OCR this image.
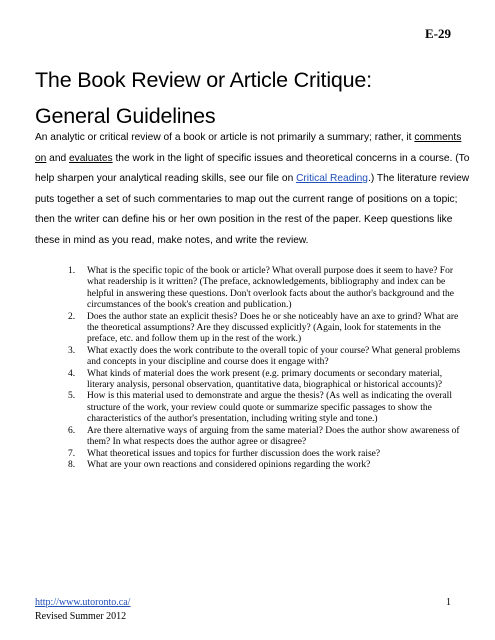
E-29
The Book Review or Article Critique:
General Guidelines

An analytic or critical review of a book or article is not primarily a summary; rather, it comments on and evaluates the work in the light of specific issues and theoretical concerns in a course. (To help sharpen your analytical reading skills, see our file on Critical Reading.) The literature review puts together a set of such commentaries to map out the current range of positions on a topic; then the writer can define his or her own position in the rest of the paper. Keep questions like these in mind as you read, make notes, and write the review.

1. What is the specific topic of the book or article? What overall purpose does it seem to have? For what readership is it written? (The preface, acknowledgements, bibliography and index can be helpful in answering these questions. Don't overlook facts about the author's background and the circumstances of the book's creation and publication.)
2. Does the author state an explicit thesis? Does he or she noticeably have an axe to grind? What are the theoretical assumptions? Are they discussed explicitly? (Again, look for statements in the preface, etc. and follow them up in the rest of the work.)
3. What exactly does the work contribute to the overall topic of your course? What general problems and concepts in your discipline and course does it engage with?
4. What kinds of material does the work present (e.g. primary documents or secondary material, literary analysis, personal observation, quantitative data, biographical or historical accounts)?
5. How is this material used to demonstrate and argue the thesis? (As well as indicating the overall structure of the work, your review could quote or summarize specific passages to show the characteristics of the author's presentation, including writing style and tone.)
6. Are there alternative ways of arguing from the same material? Does the author show awareness of them? In what respects does the author agree or disagree?
7. What theoretical issues and topics for further discussion does the work raise?
8. What are your own reactions and considered opinions regarding the work?
http://www.utoronto.ca/
Revised Summer 2012
1
